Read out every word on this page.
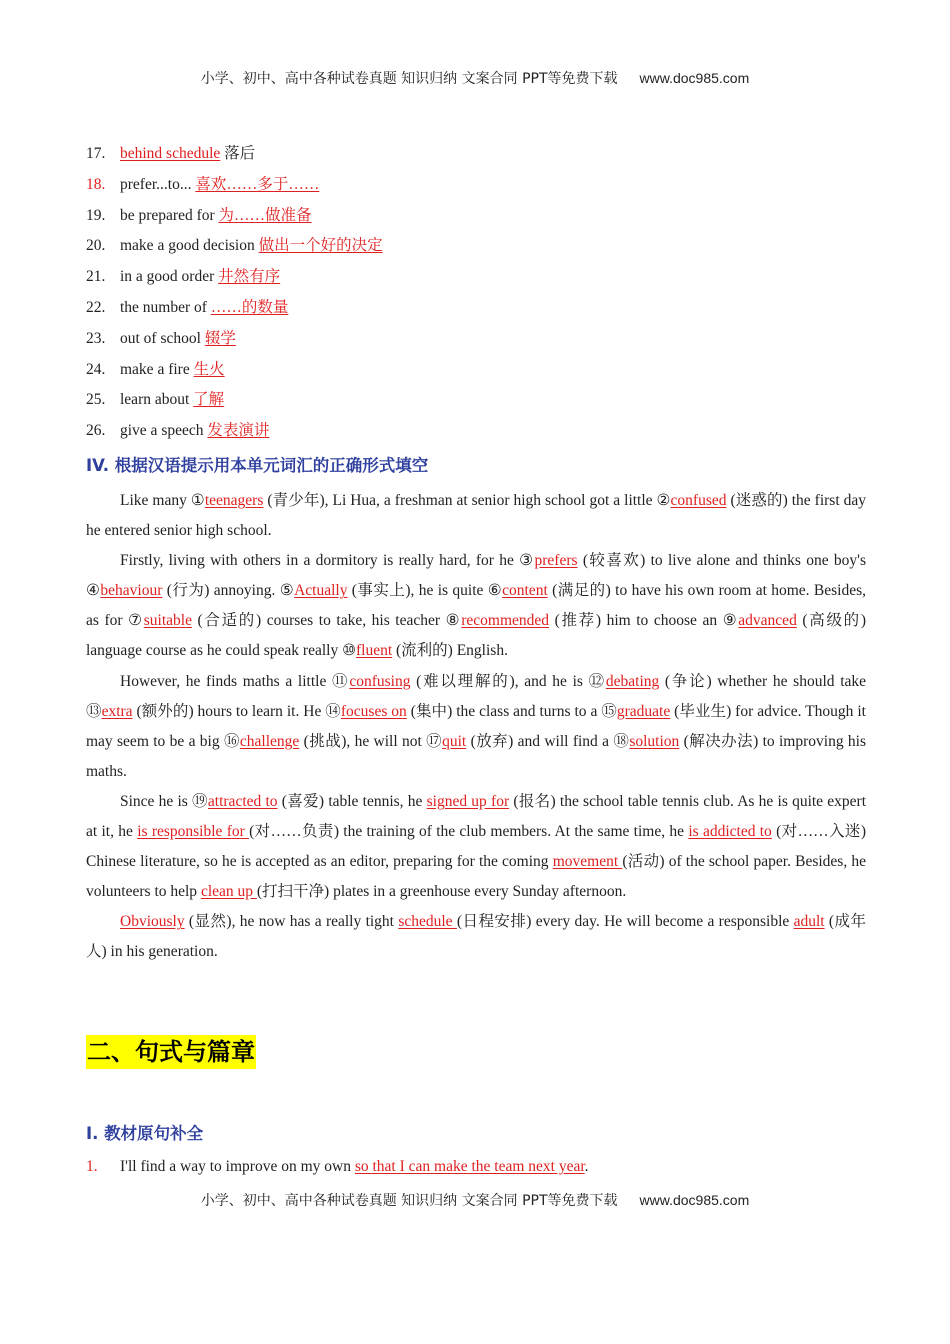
小学、初中、高中各种试卷真题 知识归纳 文案合同 PPT等免费下载 www.doc985.com
17. behind schedule 落后
18. prefer...to... 喜欢……多于……
19. be prepared for 为……做准备
20. make a good decision 做出一个好的决定
21. in a good order 井然有序
22. the number of ……的数量
23. out of school 辍学
24. make a fire 生火
25. learn about 了解
26. give a speech 发表演讲
IV. 根据汉语提示用本单元词汇的正确形式填空

Like many ①teenagers (青少年), Li Hua, a freshman at senior high school got a little ②confused (迷惑的) the first day he entered senior high school.

Firstly, living with others in a dormitory is really hard, for he ③prefers (较喜欢) to live alone and thinks one boy's ④behaviour (行为) annoying. ⑤Actually (事实上), he is quite ⑥content (满足的) to have his own room at home. Besides, as for ⑦suitable (合适的) courses to take, his teacher ⑧recommended (推荐) him to choose an ⑨advanced (高级的) language course as he could speak really ⑩fluent (流利的) English.

However, he finds maths a little ⑪confusing (难以理解的), and he is ⑫debating (争论) whether he should take ⑬extra (额外的) hours to learn it. He ⑭focuses on (集中) the class and turns to a ⑮graduate (毕业生) for advice. Though it may seem to be a big ⑯challenge (挑战), he will not ⑰quit (放弃) and will find a ⑱solution (解决办法) to improving his maths.

Since he is ⑲attracted to (喜爱) table tennis, he signed up for (报名) the school table tennis club. As he is quite expert at it, he is responsible for (对……负责) the training of the club members. At the same time, he is addicted to (对……入迷) Chinese literature, so he is accepted as an editor, preparing for the coming movement (活动) of the school paper. Besides, he volunteers to help clean up (打扫干净) plates in a greenhouse every Sunday afternoon.

Obviously (显然), he now has a really tight schedule (日程安排) every day. He will become a responsible adult (成年人) in his generation.

二、句式与篇章
I. 教材原句补全
1. I'll find a way to improve on my own so that I can make the team next year.
小学、初中、高中各种试卷真题 知识归纳 文案合同 PPT等免费下载 www.doc985.com
